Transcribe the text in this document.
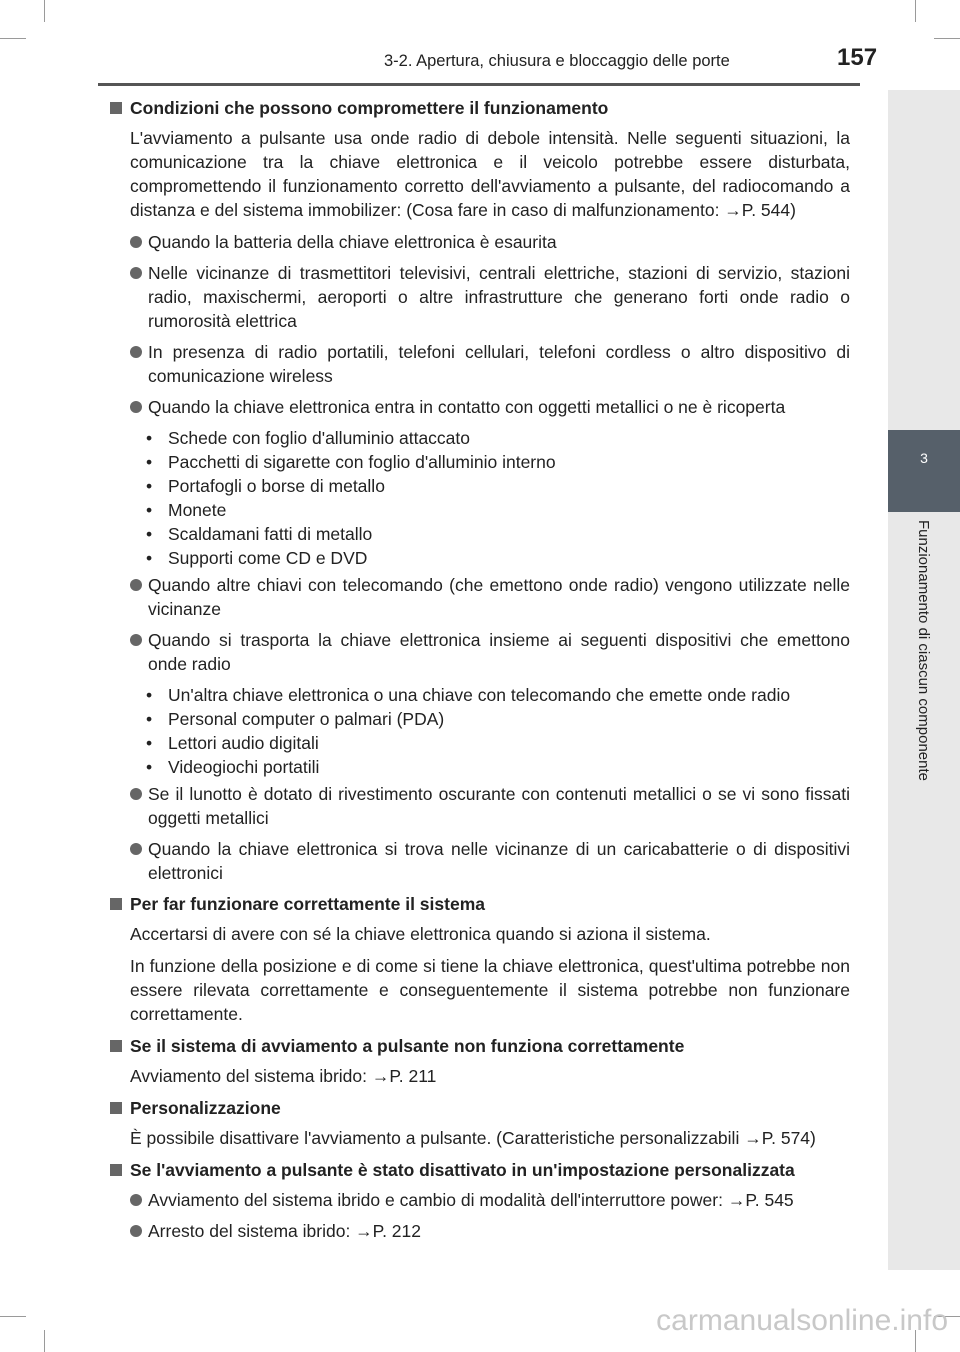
3-2. Apertura, chiusura e bloccaggio delle porte	157
3
Funzionamento di ciascun componente
Condizioni che possono compromettere il funzionamento

L'avviamento a pulsante usa onde radio di debole intensità. Nelle seguenti situazioni, la comunicazione tra la chiave elettronica e il veicolo potrebbe essere disturbata, compromettendo il funzionamento corretto dell'avviamento a pulsante, del radiocomando a distanza e del sistema immobilizer: (Cosa fare in caso di malfunzionamento: →P. 544)

Quando la batteria della chiave elettronica è esaurita
Nelle vicinanze di trasmettitori televisivi, centrali elettriche, stazioni di servizio, stazioni radio, maxischermi, aeroporti o altre infrastrutture che generano forti onde radio o rumorosità elettrica
In presenza di radio portatili, telefoni cellulari, telefoni cordless o altro dispositivo di comunicazione wireless
Quando la chiave elettronica entra in contatto con oggetti metallici o ne è ricoperta
• Schede con foglio d'alluminio attaccato
• Pacchetti di sigarette con foglio d'alluminio interno
• Portafogli o borse di metallo
• Monete
• Scaldamani fatti di metallo
• Supporti come CD e DVD
Quando altre chiavi con telecomando (che emettono onde radio) vengono utilizzate nelle vicinanze
Quando si trasporta la chiave elettronica insieme ai seguenti dispositivi che emettono onde radio
• Un'altra chiave elettronica o una chiave con telecomando che emette onde radio
• Personal computer o palmari (PDA)
• Lettori audio digitali
• Videogiochi portatili
Se il lunotto è dotato di rivestimento oscurante con contenuti metallici o se vi sono fissati oggetti metallici
Quando la chiave elettronica si trova nelle vicinanze di un caricabatterie o di dispositivi elettronici
Per far funzionare correttamente il sistema

Accertarsi di avere con sé la chiave elettronica quando si aziona il sistema.

In funzione della posizione e di come si tiene la chiave elettronica, quest'ultima potrebbe non essere rilevata correttamente e conseguentemente il sistema potrebbe non funzionare correttamente.

Se il sistema di avviamento a pulsante non funziona correttamente

Avviamento del sistema ibrido: →P. 211

Personalizzazione

È possibile disattivare l'avviamento a pulsante. (Caratteristiche personalizzabili →P. 574)

Se l'avviamento a pulsante è stato disattivato in un'impostazione personalizzata
Avviamento del sistema ibrido e cambio di modalità dell'interruttore power: →P. 545
Arresto del sistema ibrido: →P. 212
carmanualsonline.info
